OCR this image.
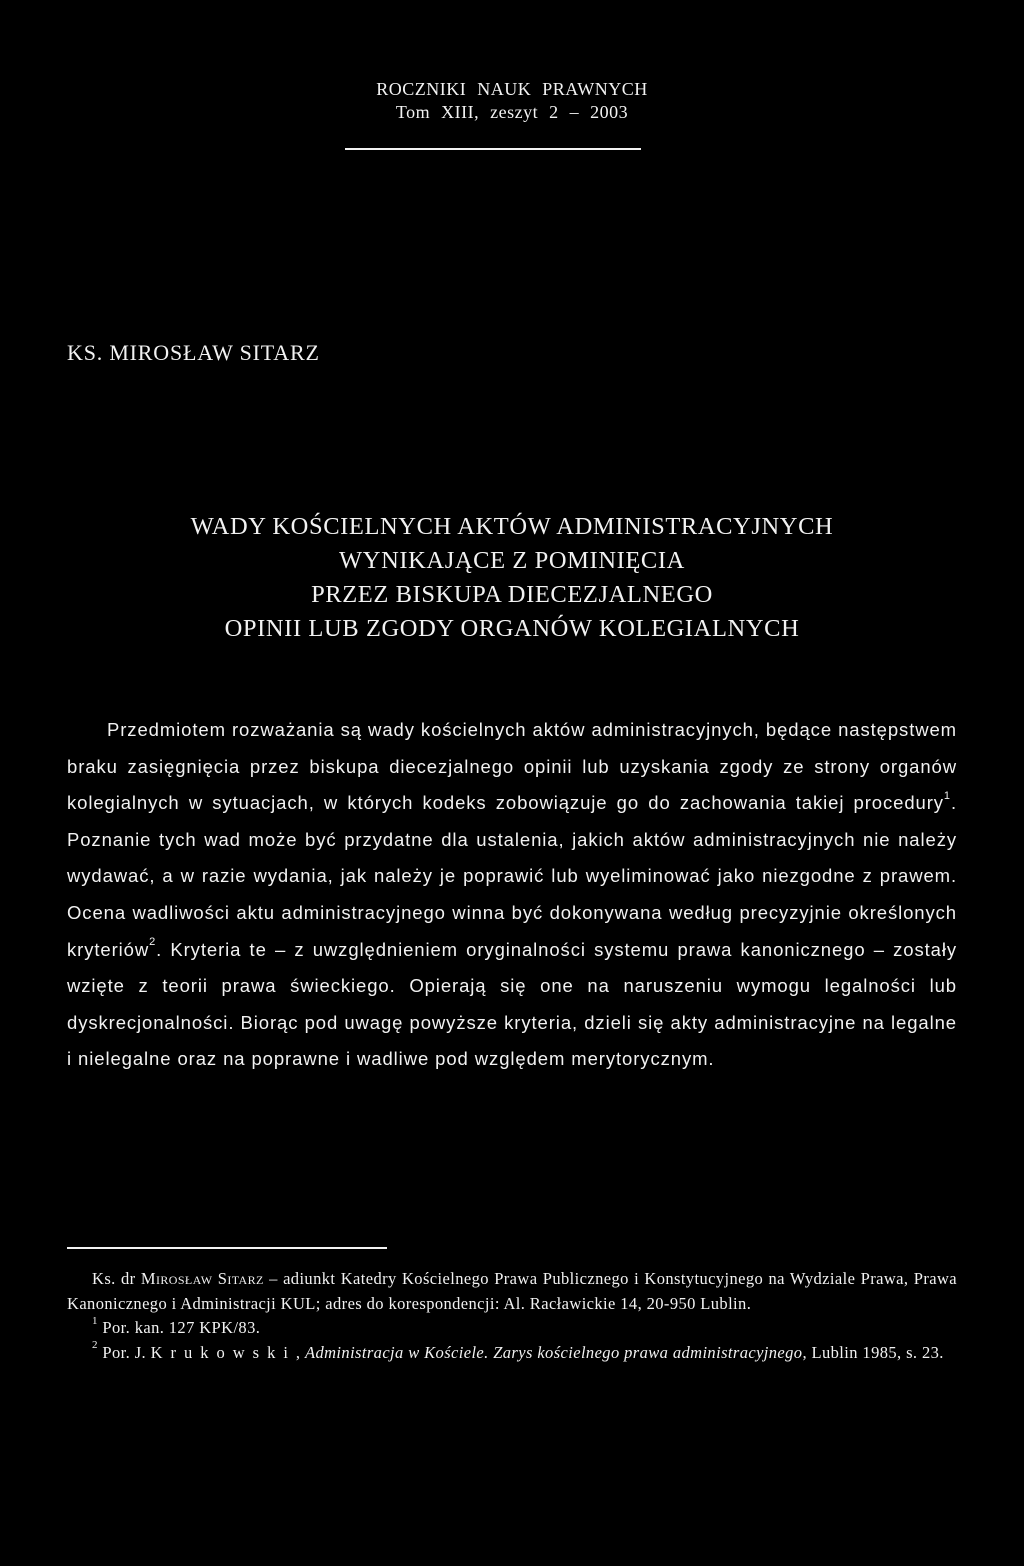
ROCZNIKI NAUK PRAWNYCH
Tom XIII, zeszyt 2 – 2003
KS. MIROSŁAW SITARZ
WADY KOŚCIELNYCH AKTÓW ADMINISTRACYJNYCH
WYNIKAJĄCE Z POMINIĘCIA
PRZEZ BISKUPA DIECEZJALNEGO
OPINII LUB ZGODY ORGANÓW KOLEGIALNYCH

Przedmiotem rozważania są wady kościelnych aktów administracyjnych, będące następstwem braku zasięgnięcia przez biskupa diecezjalnego opinii lub uzyskania zgody ze strony organów kolegialnych w sytuacjach, w których kodeks zobowiązuje go do zachowania takiej procedury$^1$. Poznanie tych wad może być przydatne dla ustalenia, jakich aktów administracyjnych nie należy wydawać, a w razie wydania, jak należy je poprawić lub wyeliminować jako niezgodne z prawem. Ocena wadliwości aktu administracyjnego winna być dokonywana według precyzyjnie określonych kryteriów$^2$. Kryteria te – z uwzględnieniem oryginalności systemu prawa kanonicznego – zostały wzięte z teorii prawa świeckiego. Opierają się one na naruszeniu wymogu legalności lub dyskrecjonalności. Biorąc pod uwagę powyższe kryteria, dzieli się akty administracyjne na legalne i nielegalne oraz na poprawne i wadliwe pod względem merytorycznym.

Ks. dr Mirosław Sitarz – adiunkt Katedry Kościelnego Prawa Publicznego i Konstytucyjnego na Wydziale Prawa, Prawa Kanonicznego i Administracji KUL; adres do korespondencji: Al. Racławickie 14, 20-950 Lublin.

$^1$ Por. kan. 127 KPK/83.

$^2$ Por. J. Krukowski, Administracja w Kościele. Zarys kościelnego prawa administracyjnego, Lublin 1985, s. 23.
